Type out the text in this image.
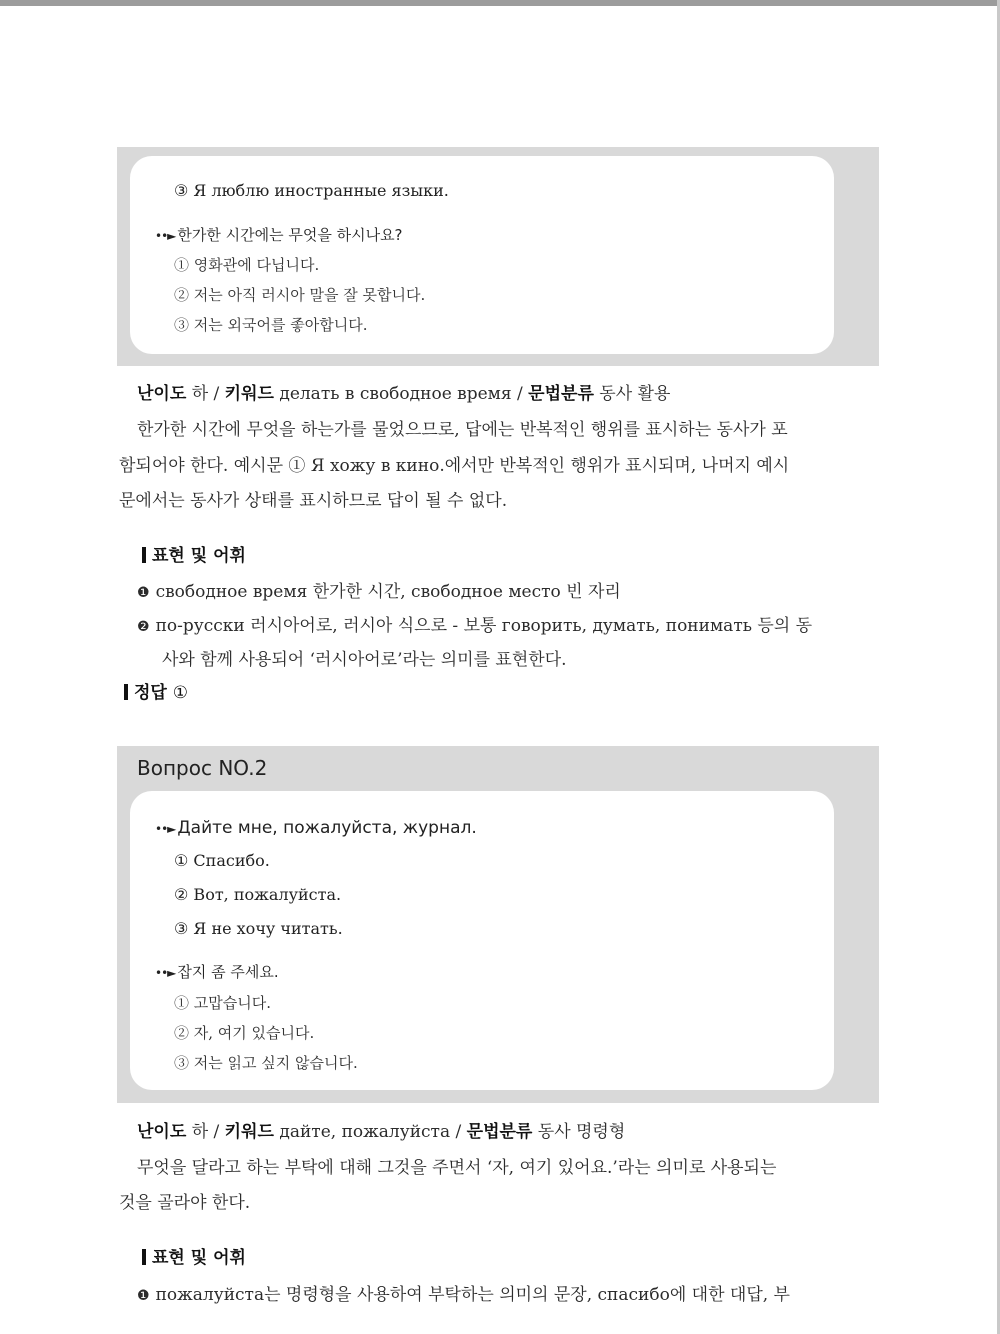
③ Я люблю иностранные языки.
••► 한가한 시간에는 무엇을 하시나요?
① 영화관에 다닙니다.
② 저는 아직 러시아 말을 잘 못합니다.
③ 저는 외국어를 좋아합니다.
난이도 하 / 키워드 делать в свободное время / 문법분류 동사 활용
한가한 시간에 무엇을 하는가를 물었으므로, 답에는 반복적인 행위를 표시하는 동사가 포
함되어야 한다. 예시문 ① Я хожу в кино.에서만 반복적인 행위가 표시되며, 나머지 예시
문에서는 동사가 상태를 표시하므로 답이 될 수 없다.
표현 및 어휘
❶ свободное время 한가한 시간, свободное место 빈 자리
❷ по-русски 러시아어로, 러시아 식으로 - 보통 говорить, думать, понимать 등의 동
사와 함께 사용되어 ‘러시아어로’라는 의미를 표현한다.
정답 ①
Вопрос NO.2
••► Дайте мне, пожалуйста, журнал.
① Спасибо.
② Вот, пожалуйста.
③ Я не хочу читать.
••► 잡지 좀 주세요.
① 고맙습니다.
② 자, 여기 있습니다.
③ 저는 읽고 싶지 않습니다.
난이도 하 / 키워드 дайте, пожалуйста / 문법분류 동사 명령형
무엇을 달라고 하는 부탁에 대해 그것을 주면서 ‘자, 여기 있어요.’라는 의미로 사용되는
것을 골라야 한다.
표현 및 어휘
❶ пожалуйста는 명령형을 사용하여 부탁하는 의미의 문장, спасибо에 대한 대답, 부
